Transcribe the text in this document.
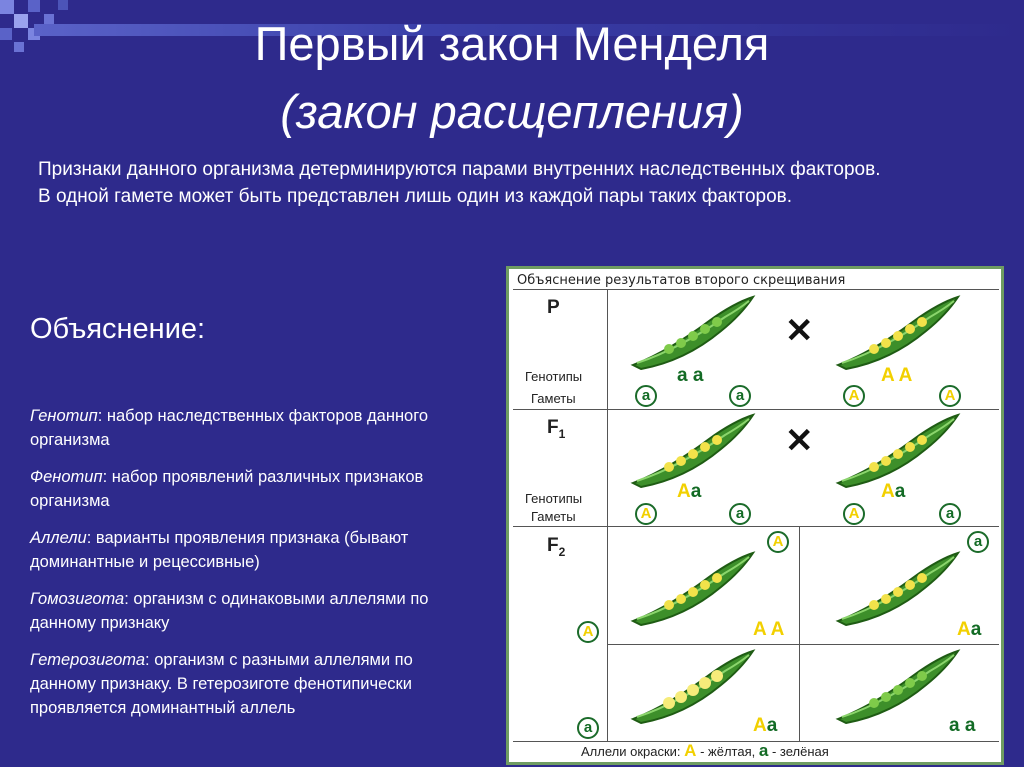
Первый закон Менделя
(закон расщепления)

Признаки данного организма детерминируются парами внутренних наследственных факторов.

В одной гамете может быть представлен лишь один из каждой пары таких факторов.

Объяснение:

Генотип: набор наследственных факторов данного организма

Фенотип: набор проявлений различных признаков организма

Аллели: варианты проявления признака (бывают доминантные и рецессивные)

Гомозигота: организм с одинаковыми аллелями по данному признаку

Гетерозигота: организм с разными аллелями по данному признаку. В гетерозиготе фенотипически проявляется доминантный аллель

Объяснение результатов второго скрещивания
P
Генотипы
Гаметы
✕
a a	A A
a	a	A	A
$F_1$
Генотипы
Гаметы
✕
Aa	Aa
A	a	A	a
$F_2$
A	a
A
a
A A	Aa
Aa	a a
Аллели окраски: A - жёлтая, a - зелёная
